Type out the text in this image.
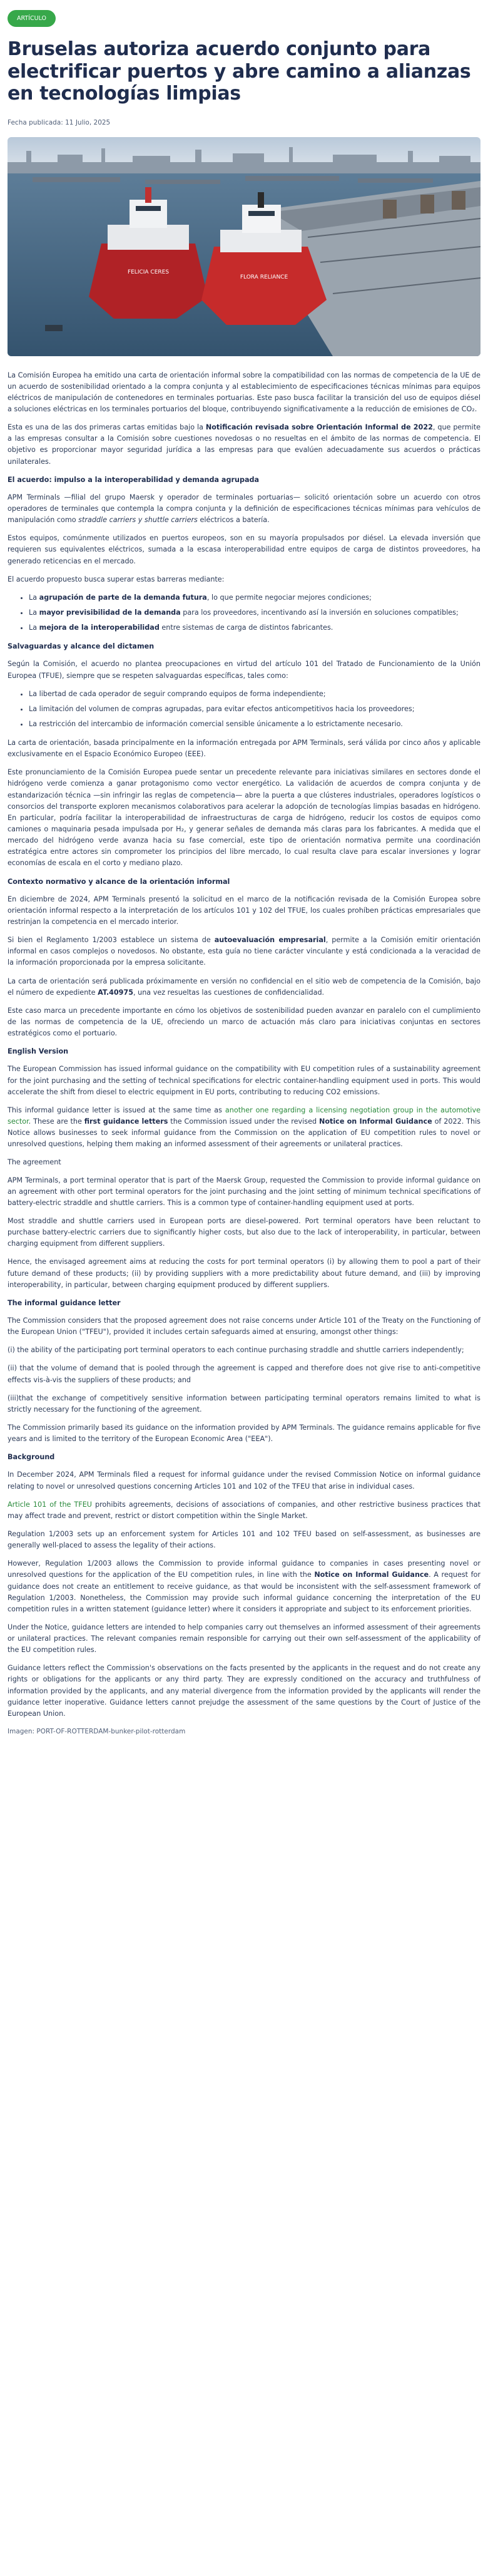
ARTÍCULO
Bruselas autoriza acuerdo conjunto para electrificar puertos y abre camino a alianzas en tecnologías limpias
Fecha publicada: 11 Julio, 2025
FELICIA CERES
FLORA RELIANCE

La Comisión Europea ha emitido una carta de orientación informal sobre la compatibilidad con las normas de competencia de la UE de un acuerdo de sostenibilidad orientado a la compra conjunta y al establecimiento de especificaciones técnicas mínimas para equipos eléctricos de manipulación de contenedores en terminales portuarias. Este paso busca facilitar la transición del uso de equipos diésel a soluciones eléctricas en los terminales portuarios del bloque, contribuyendo significativamente a la reducción de emisiones de CO₂.

Esta es una de las dos primeras cartas emitidas bajo la Notificación revisada sobre Orientación Informal de 2022, que permite a las empresas consultar a la Comisión sobre cuestiones novedosas o no resueltas en el ámbito de las normas de competencia. El objetivo es proporcionar mayor seguridad jurídica a las empresas para que evalúen adecuadamente sus acuerdos o prácticas unilaterales.

El acuerdo: impulso a la interoperabilidad y demanda agrupada

APM Terminals —filial del grupo Maersk y operador de terminales portuarias— solicitó orientación sobre un acuerdo con otros operadores de terminales que contempla la compra conjunta y la definición de especificaciones técnicas mínimas para vehículos de manipulación como straddle carriers y shuttle carriers eléctricos a batería.

Estos equipos, comúnmente utilizados en puertos europeos, son en su mayoría propulsados por diésel. La elevada inversión que requieren sus equivalentes eléctricos, sumada a la escasa interoperabilidad entre equipos de carga de distintos proveedores, ha generado reticencias en el mercado.

El acuerdo propuesto busca superar estas barreras mediante:

• La agrupación de parte de la demanda futura, lo que permite negociar mejores condiciones;
• La mayor previsibilidad de la demanda para los proveedores, incentivando así la inversión en soluciones compatibles;
• La mejora de la interoperabilidad entre sistemas de carga de distintos fabricantes.
Salvaguardas y alcance del dictamen

Según la Comisión, el acuerdo no plantea preocupaciones en virtud del artículo 101 del Tratado de Funcionamiento de la Unión Europea (TFUE), siempre que se respeten salvaguardas específicas, tales como:

• La libertad de cada operador de seguir comprando equipos de forma independiente;
• La limitación del volumen de compras agrupadas, para evitar efectos anticompetitivos hacia los proveedores;
• La restricción del intercambio de información comercial sensible únicamente a lo estrictamente necesario.

La carta de orientación, basada principalmente en la información entregada por APM Terminals, será válida por cinco años y aplicable exclusivamente en el Espacio Económico Europeo (EEE).

Este pronunciamiento de la Comisión Europea puede sentar un precedente relevante para iniciativas similares en sectores donde el hidrógeno verde comienza a ganar protagonismo como vector energético. La validación de acuerdos de compra conjunta y de estandarización técnica —sin infringir las reglas de competencia— abre la puerta a que clústeres industriales, operadores logísticos o consorcios del transporte exploren mecanismos colaborativos para acelerar la adopción de tecnologías limpias basadas en hidrógeno. En particular, podría facilitar la interoperabilidad de infraestructuras de carga de hidrógeno, reducir los costos de equipos como camiones o maquinaria pesada impulsada por H₂, y generar señales de demanda más claras para los fabricantes. A medida que el mercado del hidrógeno verde avanza hacia su fase comercial, este tipo de orientación normativa permite una coordinación estratégica entre actores sin comprometer los principios del libre mercado, lo cual resulta clave para escalar inversiones y lograr economías de escala en el corto y mediano plazo.

Contexto normativo y alcance de la orientación informal

En diciembre de 2024, APM Terminals presentó la solicitud en el marco de la notificación revisada de la Comisión Europea sobre orientación informal respecto a la interpretación de los artículos 101 y 102 del TFUE, los cuales prohíben prácticas empresariales que restrinjan la competencia en el mercado interior.

Si bien el Reglamento 1/2003 establece un sistema de autoevaluación empresarial, permite a la Comisión emitir orientación informal en casos complejos o novedosos. No obstante, esta guía no tiene carácter vinculante y está condicionada a la veracidad de la información proporcionada por la empresa solicitante.

La carta de orientación será publicada próximamente en versión no confidencial en el sitio web de competencia de la Comisión, bajo el número de expediente AT.40975, una vez resueltas las cuestiones de confidencialidad.

Este caso marca un precedente importante en cómo los objetivos de sostenibilidad pueden avanzar en paralelo con el cumplimiento de las normas de competencia de la UE, ofreciendo un marco de actuación más claro para iniciativas conjuntas en sectores estratégicos como el portuario.

English Version

The European Commission has issued informal guidance on the compatibility with EU competition rules of a sustainability agreement for the joint purchasing and the setting of technical specifications for electric container-handling equipment used in ports. This would accelerate the shift from diesel to electric equipment in EU ports, contributing to reducing CO2 emissions.

This informal guidance letter is issued at the same time as another one regarding a licensing negotiation group in the automotive sector. These are the first guidance letters the Commission issued under the revised Notice on Informal Guidance of 2022. This Notice allows businesses to seek informal guidance from the Commission on the application of EU competition rules to novel or unresolved questions, helping them making an informed assessment of their agreements or unilateral practices.

The agreement

APM Terminals, a port terminal operator that is part of the Maersk Group, requested the Commission to provide informal guidance on an agreement with other port terminal operators for the joint purchasing and the joint setting of minimum technical specifications of battery-electric straddle and shuttle carriers. This is a common type of container-handling equipment used at ports.

Most straddle and shuttle carriers used in European ports are diesel-powered. Port terminal operators have been reluctant to purchase battery-electric carriers due to significantly higher costs, but also due to the lack of interoperability, in particular, between charging equipment from different suppliers.

Hence, the envisaged agreement aims at reducing the costs for port terminal operators (i) by allowing them to pool a part of their future demand of these products; (ii) by providing suppliers with a more predictability about future demand, and (iii) by improving interoperability, in particular, between charging equipment produced by different suppliers.

The informal guidance letter

The Commission considers that the proposed agreement does not raise concerns under Article 101 of the Treaty on the Functioning of the European Union ("TFEU"), provided it includes certain safeguards aimed at ensuring, amongst other things:

(i) the ability of the participating port terminal operators to each continue purchasing straddle and shuttle carriers independently;

(ii) that the volume of demand that is pooled through the agreement is capped and therefore does not give rise to anti-competitive effects vis-à-vis the suppliers of these products; and

(iii)that the exchange of competitively sensitive information between participating terminal operators remains limited to what is strictly necessary for the functioning of the agreement.

The Commission primarily based its guidance on the information provided by APM Terminals. The guidance remains applicable for five years and is limited to the territory of the European Economic Area ("EEA").

Background

In December 2024, APM Terminals filed a request for informal guidance under the revised Commission Notice on informal guidance relating to novel or unresolved questions concerning Articles 101 and 102 of the TFEU that arise in individual cases.

Article 101 of the TFEU prohibits agreements, decisions of associations of companies, and other restrictive business practices that may affect trade and prevent, restrict or distort competition within the Single Market.

Regulation 1/2003 sets up an enforcement system for Articles 101 and 102 TFEU based on self-assessment, as businesses are generally well-placed to assess the legality of their actions.

However, Regulation 1/2003 allows the Commission to provide informal guidance to companies in cases presenting novel or unresolved questions for the application of the EU competition rules, in line with the Notice on Informal Guidance. A request for guidance does not create an entitlement to receive guidance, as that would be inconsistent with the self-assessment framework of Regulation 1/2003. Nonetheless, the Commission may provide such informal guidance concerning the interpretation of the EU competition rules in a written statement (guidance letter) where it considers it appropriate and subject to its enforcement priorities.

Under the Notice, guidance letters are intended to help companies carry out themselves an informed assessment of their agreements or unilateral practices. The relevant companies remain responsible for carrying out their own self-assessment of the applicability of the EU competition rules.

Guidance letters reflect the Commission's observations on the facts presented by the applicants in the request and do not create any rights or obligations for the applicants or any third party. They are expressly conditioned on the accuracy and truthfulness of information provided by the applicants, and any material divergence from the information provided by the applicants will render the guidance letter inoperative. Guidance letters cannot prejudge the assessment of the same questions by the Court of Justice of the European Union.

Imagen: PORT-OF-ROTTERDAM-bunker-pilot-rotterdam
